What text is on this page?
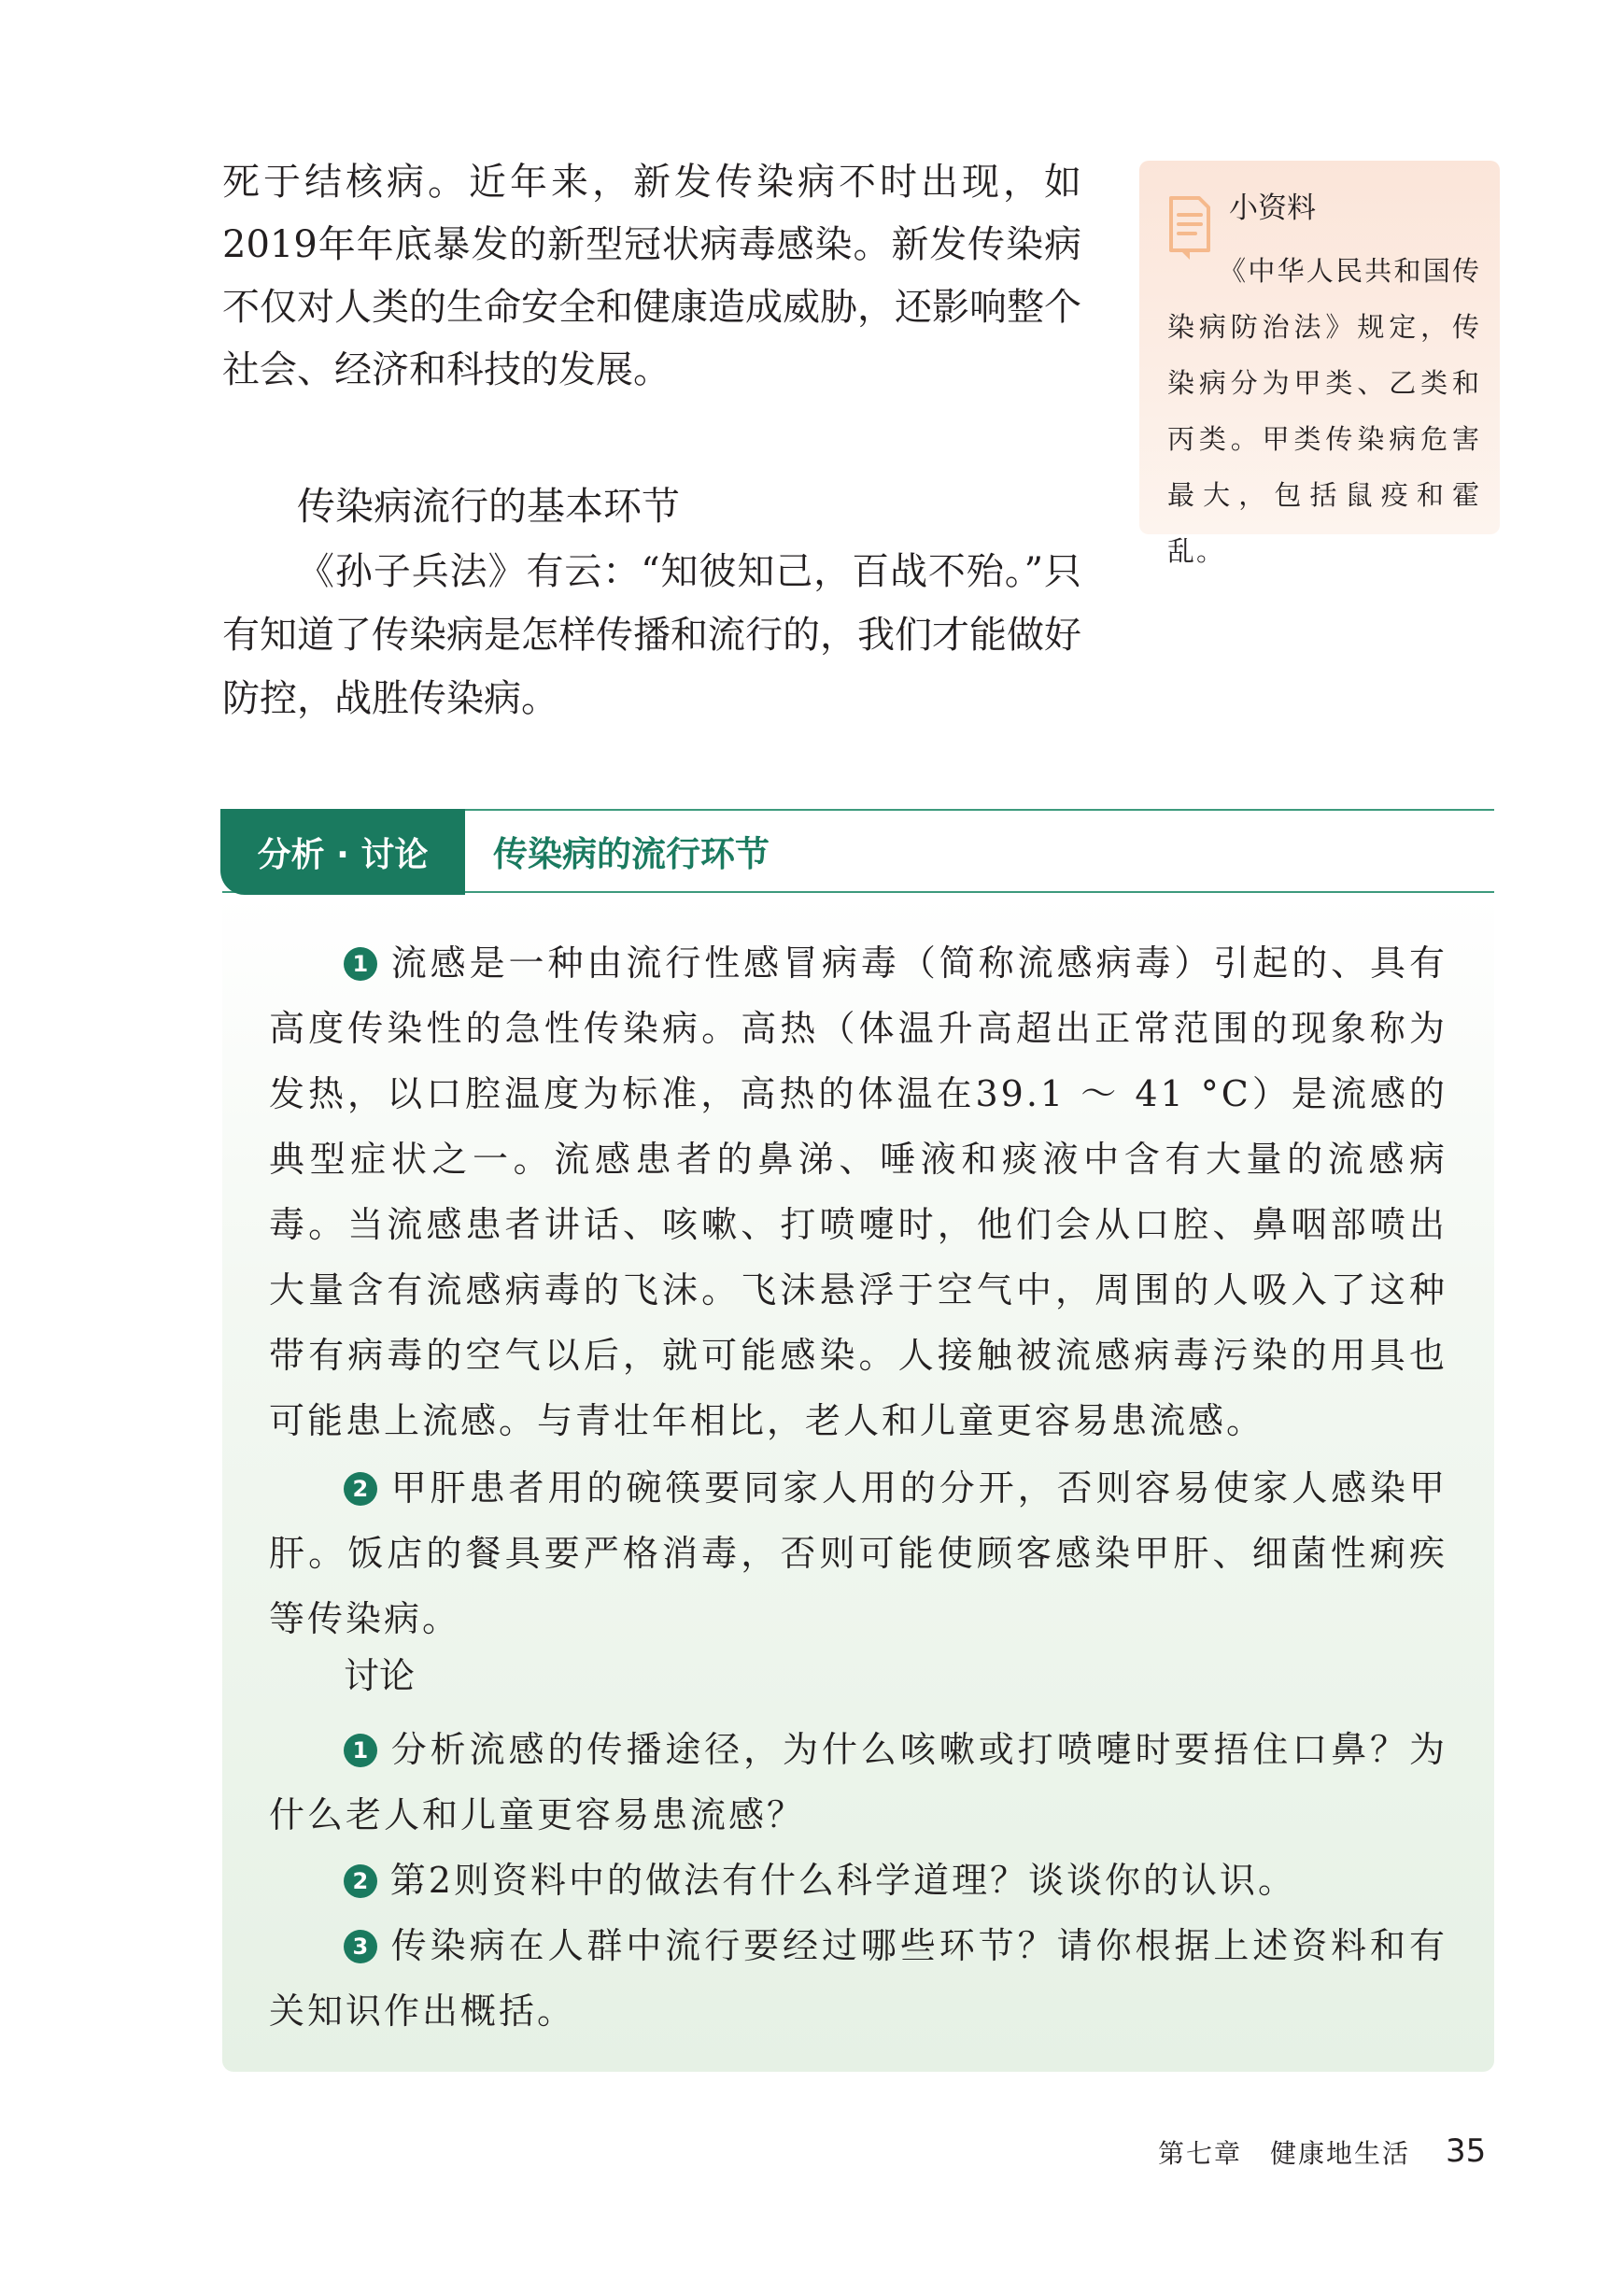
死于结核病。近年来，新发传染病不时出现，如2019年年底暴发的新型冠状病毒感染。新发传染病不仅对人类的生命安全和健康造成威胁，还影响整个社会、经济和科技的发展。

传染病流行的基本环节

《孙子兵法》有云：“知彼知己，百战不殆。”只有知道了传染病是怎样传播和流行的，我们才能做好防控，战胜传染病。

小资料

《中华人民共和国传染病防治法》规定，传染病分为甲类、乙类和丙类。甲类传染病危害最大，包括鼠疫和霍乱。

分析 · 讨论	传染病的流行环节

1 流感是一种由流行性感冒病毒（简称流感病毒）引起的、具有高度传染性的急性传染病。高热（体温升高超出正常范围的现象称为发热，以口腔温度为标准，高热的体温在39.1 ～ 41 °C）是流感的典型症状之一。流感患者的鼻涕、唾液和痰液中含有大量的流感病毒。当流感患者讲话、咳嗽、打喷嚏时，他们会从口腔、鼻咽部喷出大量含有流感病毒的飞沫。飞沫悬浮于空气中，周围的人吸入了这种带有病毒的空气以后，就可能感染。人接触被流感病毒污染的用具也可能患上流感。与青壮年相比，老人和儿童更容易患流感。

2 甲肝患者用的碗筷要同家人用的分开，否则容易使家人感染甲肝。饭店的餐具要严格消毒，否则可能使顾客感染甲肝、细菌性痢疾等传染病。

讨论

1 分析流感的传播途径，为什么咳嗽或打喷嚏时要捂住口鼻？为什么老人和儿童更容易患流感？

2 第2则资料中的做法有什么科学道理？谈谈你的认识。

3 传染病在人群中流行要经过哪些环节？请你根据上述资料和有关知识作出概括。

第七章　健康地生活 35
